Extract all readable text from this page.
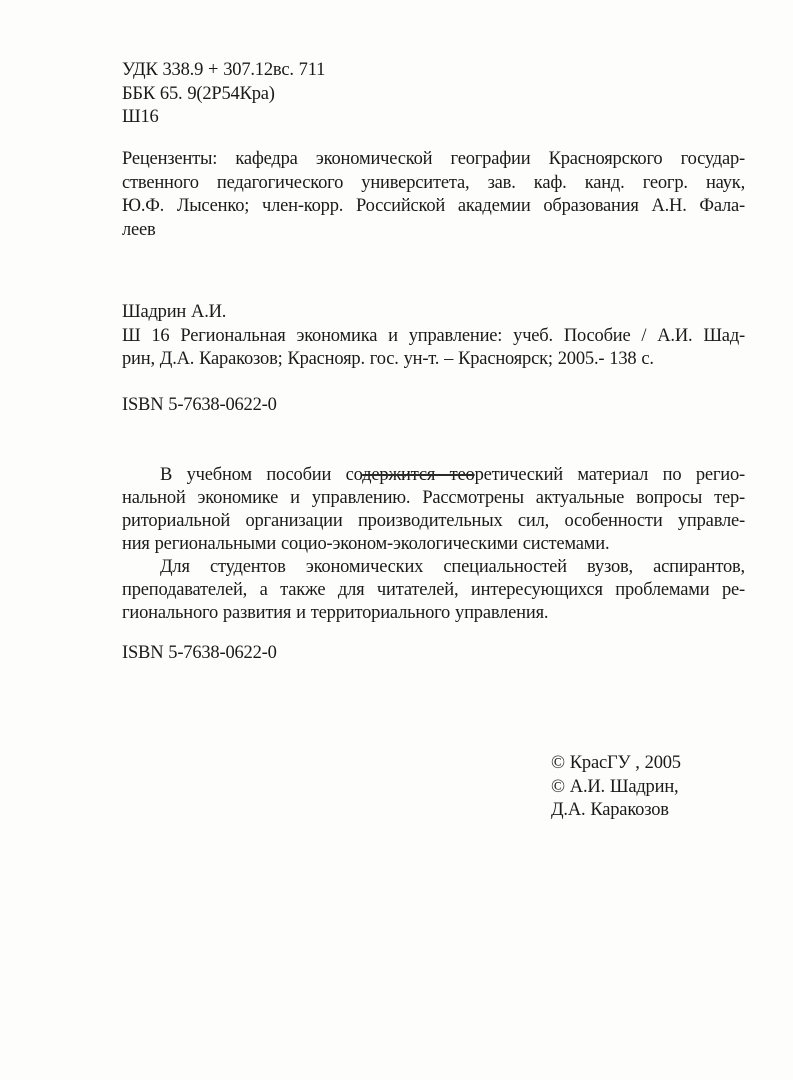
УДК 338.9 + 307.12вс. 711
ББК 65. 9(2Р54Кра)
Ш16
Рецензенты: кафедра экономической географии Красноярского государ-
ственного педагогического университета, зав. каф. канд. геогр. наук,
Ю.Ф. Лысенко; член-корр. Российской академии образования А.Н. Фала-
леев
Шадрин А.И.
Ш 16 Региональная экономика и управление: учеб. Пособие / А.И. Шад-
рин, Д.А. Каракозов; Краснояр. гос. ун-т. – Красноярск; 2005.- 138 с.
ISBN 5-7638-0622-0
В учебном пособии содержится теоретический материал по регио-
нальной экономике и управлению. Рассмотрены актуальные вопросы тер-
риториальной организации производительных сил, особенности управле-
ния региональными социо-эконом-экологическими системами.
Для студентов экономических специальностей вузов, аспирантов,
преподавателей, а также для читателей, интересующихся проблемами ре-
гионального развития и территориального управления.
ISBN 5-7638-0622-0
© КрасГУ , 2005
© А.И. Шадрин,
Д.А. Каракозов
